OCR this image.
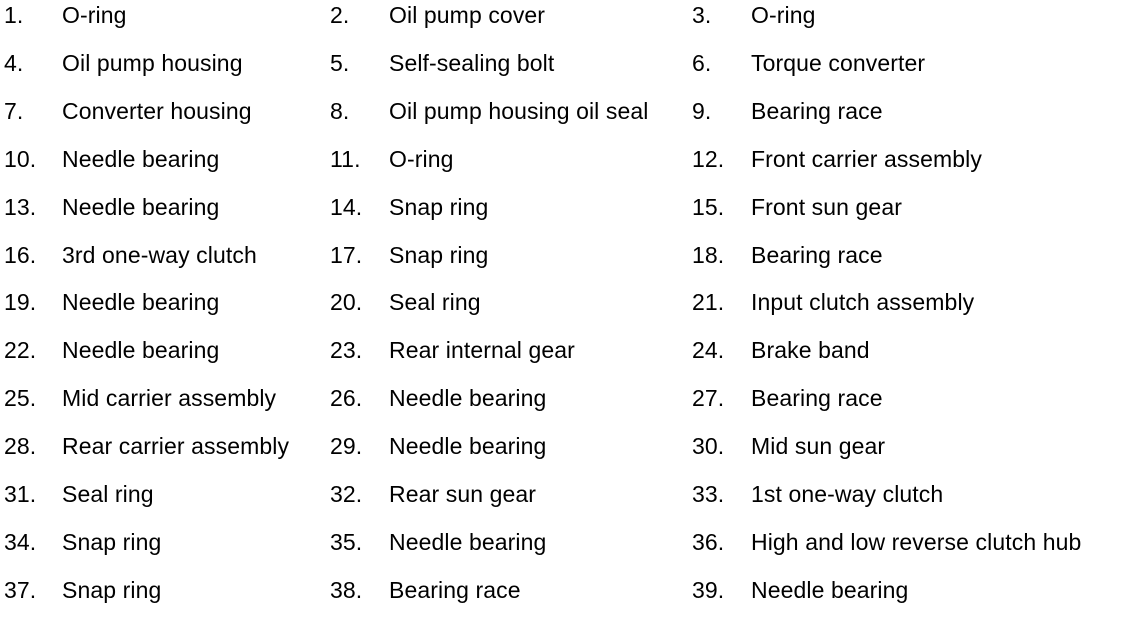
1. O-ring	2. Oil pump cover	3. O-ring
4. Oil pump housing	5. Self-sealing bolt	6. Torque converter
7. Converter housing	8. Oil pump housing oil seal 9. Bearing race
10. Needle bearing	11. O-ring	12. Front carrier assembly
13. Needle bearing	14. Snap ring	15. Front sun gear
16. 3rd one-way clutch	17. Snap ring	18. Bearing race
19. Needle bearing	20. Seal ring	21. Input clutch assembly
22. Needle bearing	23. Rear internal gear	24. Brake band
25. Mid carrier assembly 26. Needle bearing	27. Bearing race
28. Rear carrier assembly 29. Needle bearing	30. Mid sun gear
31. Seal ring	32. Rear sun gear	33. 1st one-way clutch
34. Snap ring	35. Needle bearing	36. High and low reverse clutch hub
37. Snap ring	38. Bearing race	39. Needle bearing
